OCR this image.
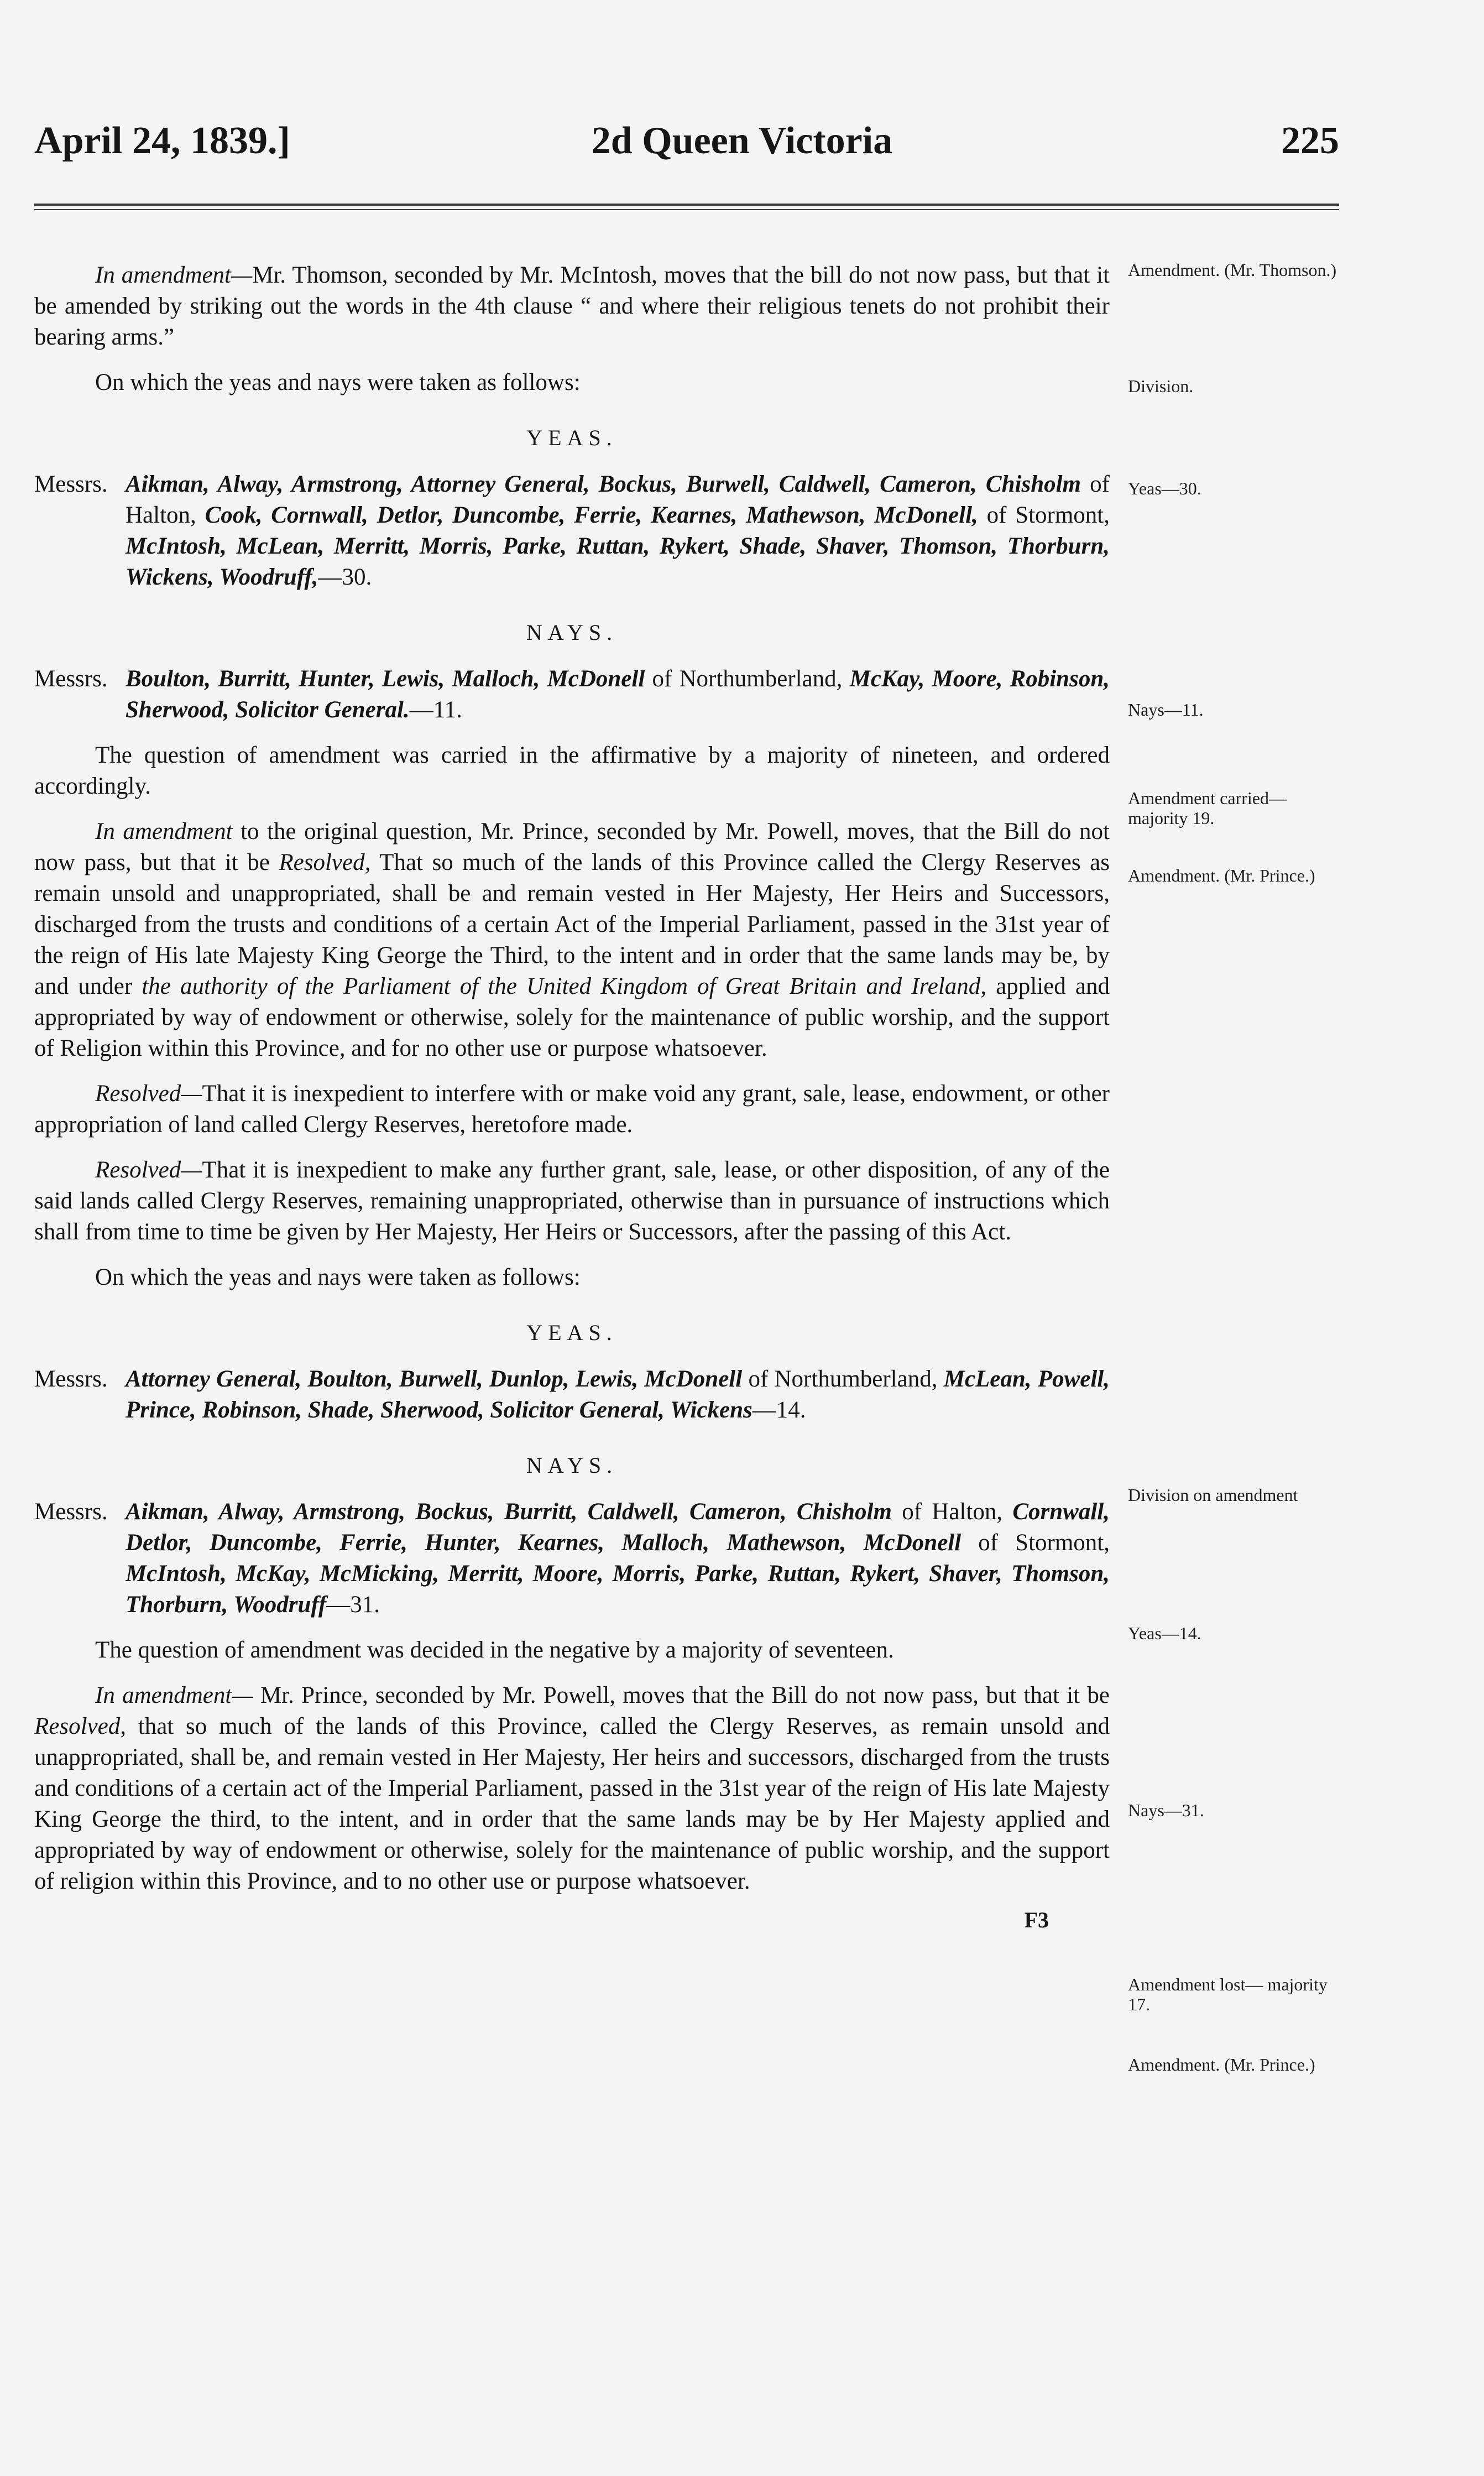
April 24, 1839.]	2d Queen Victoria	225

In amendment—Mr. Thomson, seconded by Mr. McIntosh, moves that the bill do not now pass, but that it be amended by striking out the words in the 4th clause “ and where their religious tenets do not prohibit their bearing arms.”

On which the yeas and nays were taken as follows:

YEAS.

Messrs. Aikman, Alway, Armstrong, Attorney General, Bockus, Burwell, Caldwell, Cameron, Chisholm of Halton, Cook, Cornwall, Detlor, Duncombe, Ferrie, Kearnes, Mathewson, McDonell, of Stormont, McIntosh, McLean, Merritt, Morris, Parke, Ruttan, Rykert, Shade, Shaver, Thomson, Thorburn, Wickens, Woodruff,—30.

NAYS.

Messrs. Boulton, Burritt, Hunter, Lewis, Malloch, McDonell of Northumberland, McKay, Moore, Robinson, Sherwood, Solicitor General.—11.

The question of amendment was carried in the affirmative by a majority of nineteen, and ordered accordingly.

In amendment to the original question, Mr. Prince, seconded by Mr. Powell, moves, that the Bill do not now pass, but that it be Resolved, That so much of the lands of this Province called the Clergy Reserves as remain unsold and unappropriated, shall be and remain vested in Her Majesty, Her Heirs and Successors, discharged from the trusts and conditions of a certain Act of the Imperial Parliament, passed in the 31st year of the reign of His late Majesty King George the Third, to the intent and in order that the same lands may be, by and under the authority of the Parliament of the United Kingdom of Great Britain and Ireland, applied and appropriated by way of endowment or otherwise, solely for the maintenance of public worship, and the support of Religion within this Province, and for no other use or purpose whatsoever.

Resolved—That it is inexpedient to interfere with or make void any grant, sale, lease, endowment, or other appropriation of land called Clergy Reserves, heretofore made.

Resolved—That it is inexpedient to make any further grant, sale, lease, or other disposition, of any of the said lands called Clergy Reserves, remaining unappropriated, otherwise than in pursuance of instructions which shall from time to time be given by Her Majesty, Her Heirs or Successors, after the passing of this Act.

On which the yeas and nays were taken as follows:

YEAS.

Messrs. Attorney General, Boulton, Burwell, Dunlop, Lewis, McDonell of Northumberland, McLean, Powell, Prince, Robinson, Shade, Sherwood, Solicitor General, Wickens—14.

NAYS.

Messrs. Aikman, Alway, Armstrong, Bockus, Burritt, Caldwell, Cameron, Chisholm of Halton, Cornwall, Detlor, Duncombe, Ferrie, Hunter, Kearnes, Malloch, Mathewson, McDonell of Stormont, McIntosh, McKay, McMicking, Merritt, Moore, Morris, Parke, Ruttan, Rykert, Shaver, Thomson, Thorburn, Woodruff—31.

The question of amendment was decided in the negative by a majority of seventeen.

In amendment— Mr. Prince, seconded by Mr. Powell, moves that the Bill do not now pass, but that it be Resolved, that so much of the lands of this Province, called the Clergy Reserves, as remain unsold and unappropriated, shall be, and remain vested in Her Majesty, Her heirs and successors, discharged from the trusts and conditions of a certain act of the Imperial Parliament, passed in the 31st year of the reign of His late Majesty King George the third, to the intent, and in order that the same lands may be by Her Majesty applied and appropriated by way of endowment or otherwise, solely for the maintenance of public worship, and the support of religion within this Province, and to no other use or purpose whatsoever.

F3
Amendment. (Mr. Thomson.)
Division.
Yeas—30.
Nays—11.
Amendment carried— majority 19.
Amendment. (Mr. Prince.)
Division on amendment
Yeas—14.
Nays—31.
Amendment lost— majority 17.
Amendment. (Mr. Prince.)
